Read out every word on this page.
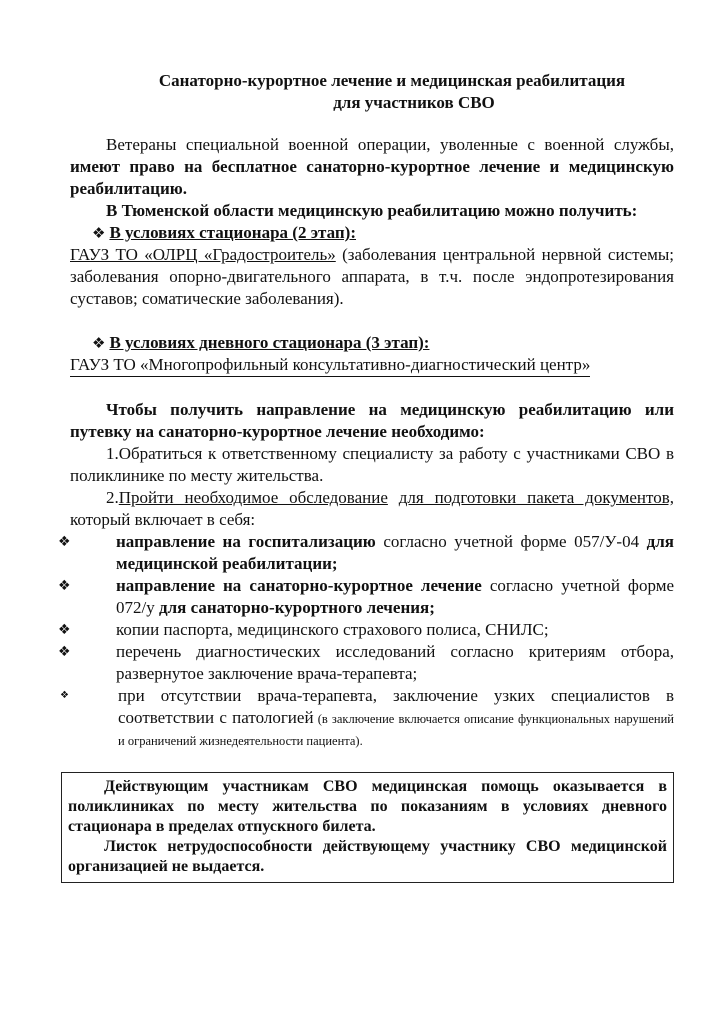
Санаторно-курортное лечение и медицинская реабилитация
для участников СВО

Ветераны специальной военной операции, уволенные с военной службы, имеют право на бесплатное санаторно-курортное лечение и медицинскую реабилитацию.

В Тюменской области медицинскую реабилитацию можно получить:

❖ В условиях стационара (2 этап):

ГАУЗ ТО «ОЛРЦ «Градостроитель» (заболевания центральной нервной системы; заболевания опорно-двигательного аппарата, в т.ч. после эндопротезирования суставов; соматические заболевания).

❖ В условиях дневного стационара (3 этап):
ГАУЗ ТО «Многопрофильный консультативно-диагностический центр»

Чтобы получить направление на медицинскую реабилитацию или путевку на санаторно-курортное лечение необходимо:

1.Обратиться к ответственному специалисту за работу с участниками СВО в поликлинике по месту жительства.

2.Пройти необходимое обследование для подготовки пакета документов, который включает в себя:

❖	направление на госпитализацию согласно учетной форме 057/У-04 для медицинской реабилитации;
❖	направление на санаторно-курортное лечение согласно учетной форме 072/у для санаторно-курортного лечения;
❖	копии паспорта, медицинского страхового полиса, СНИЛС;
❖	перечень диагностических исследований согласно критериям отбора, развернутое заключение врача-терапевта;
❖	при отсутствии врача-терапевта, заключение узких специалистов в соответствии с патологией (в заключение включается описание функциональных нарушений и ограничений жизнедеятельности пациента).

Действующим участникам СВО медицинская помощь оказывается в поликлиниках по месту жительства по показаниям в условиях дневного стационара в пределах отпускного билета.

Листок нетрудоспособности действующему участнику СВО медицинской организацией не выдается.
